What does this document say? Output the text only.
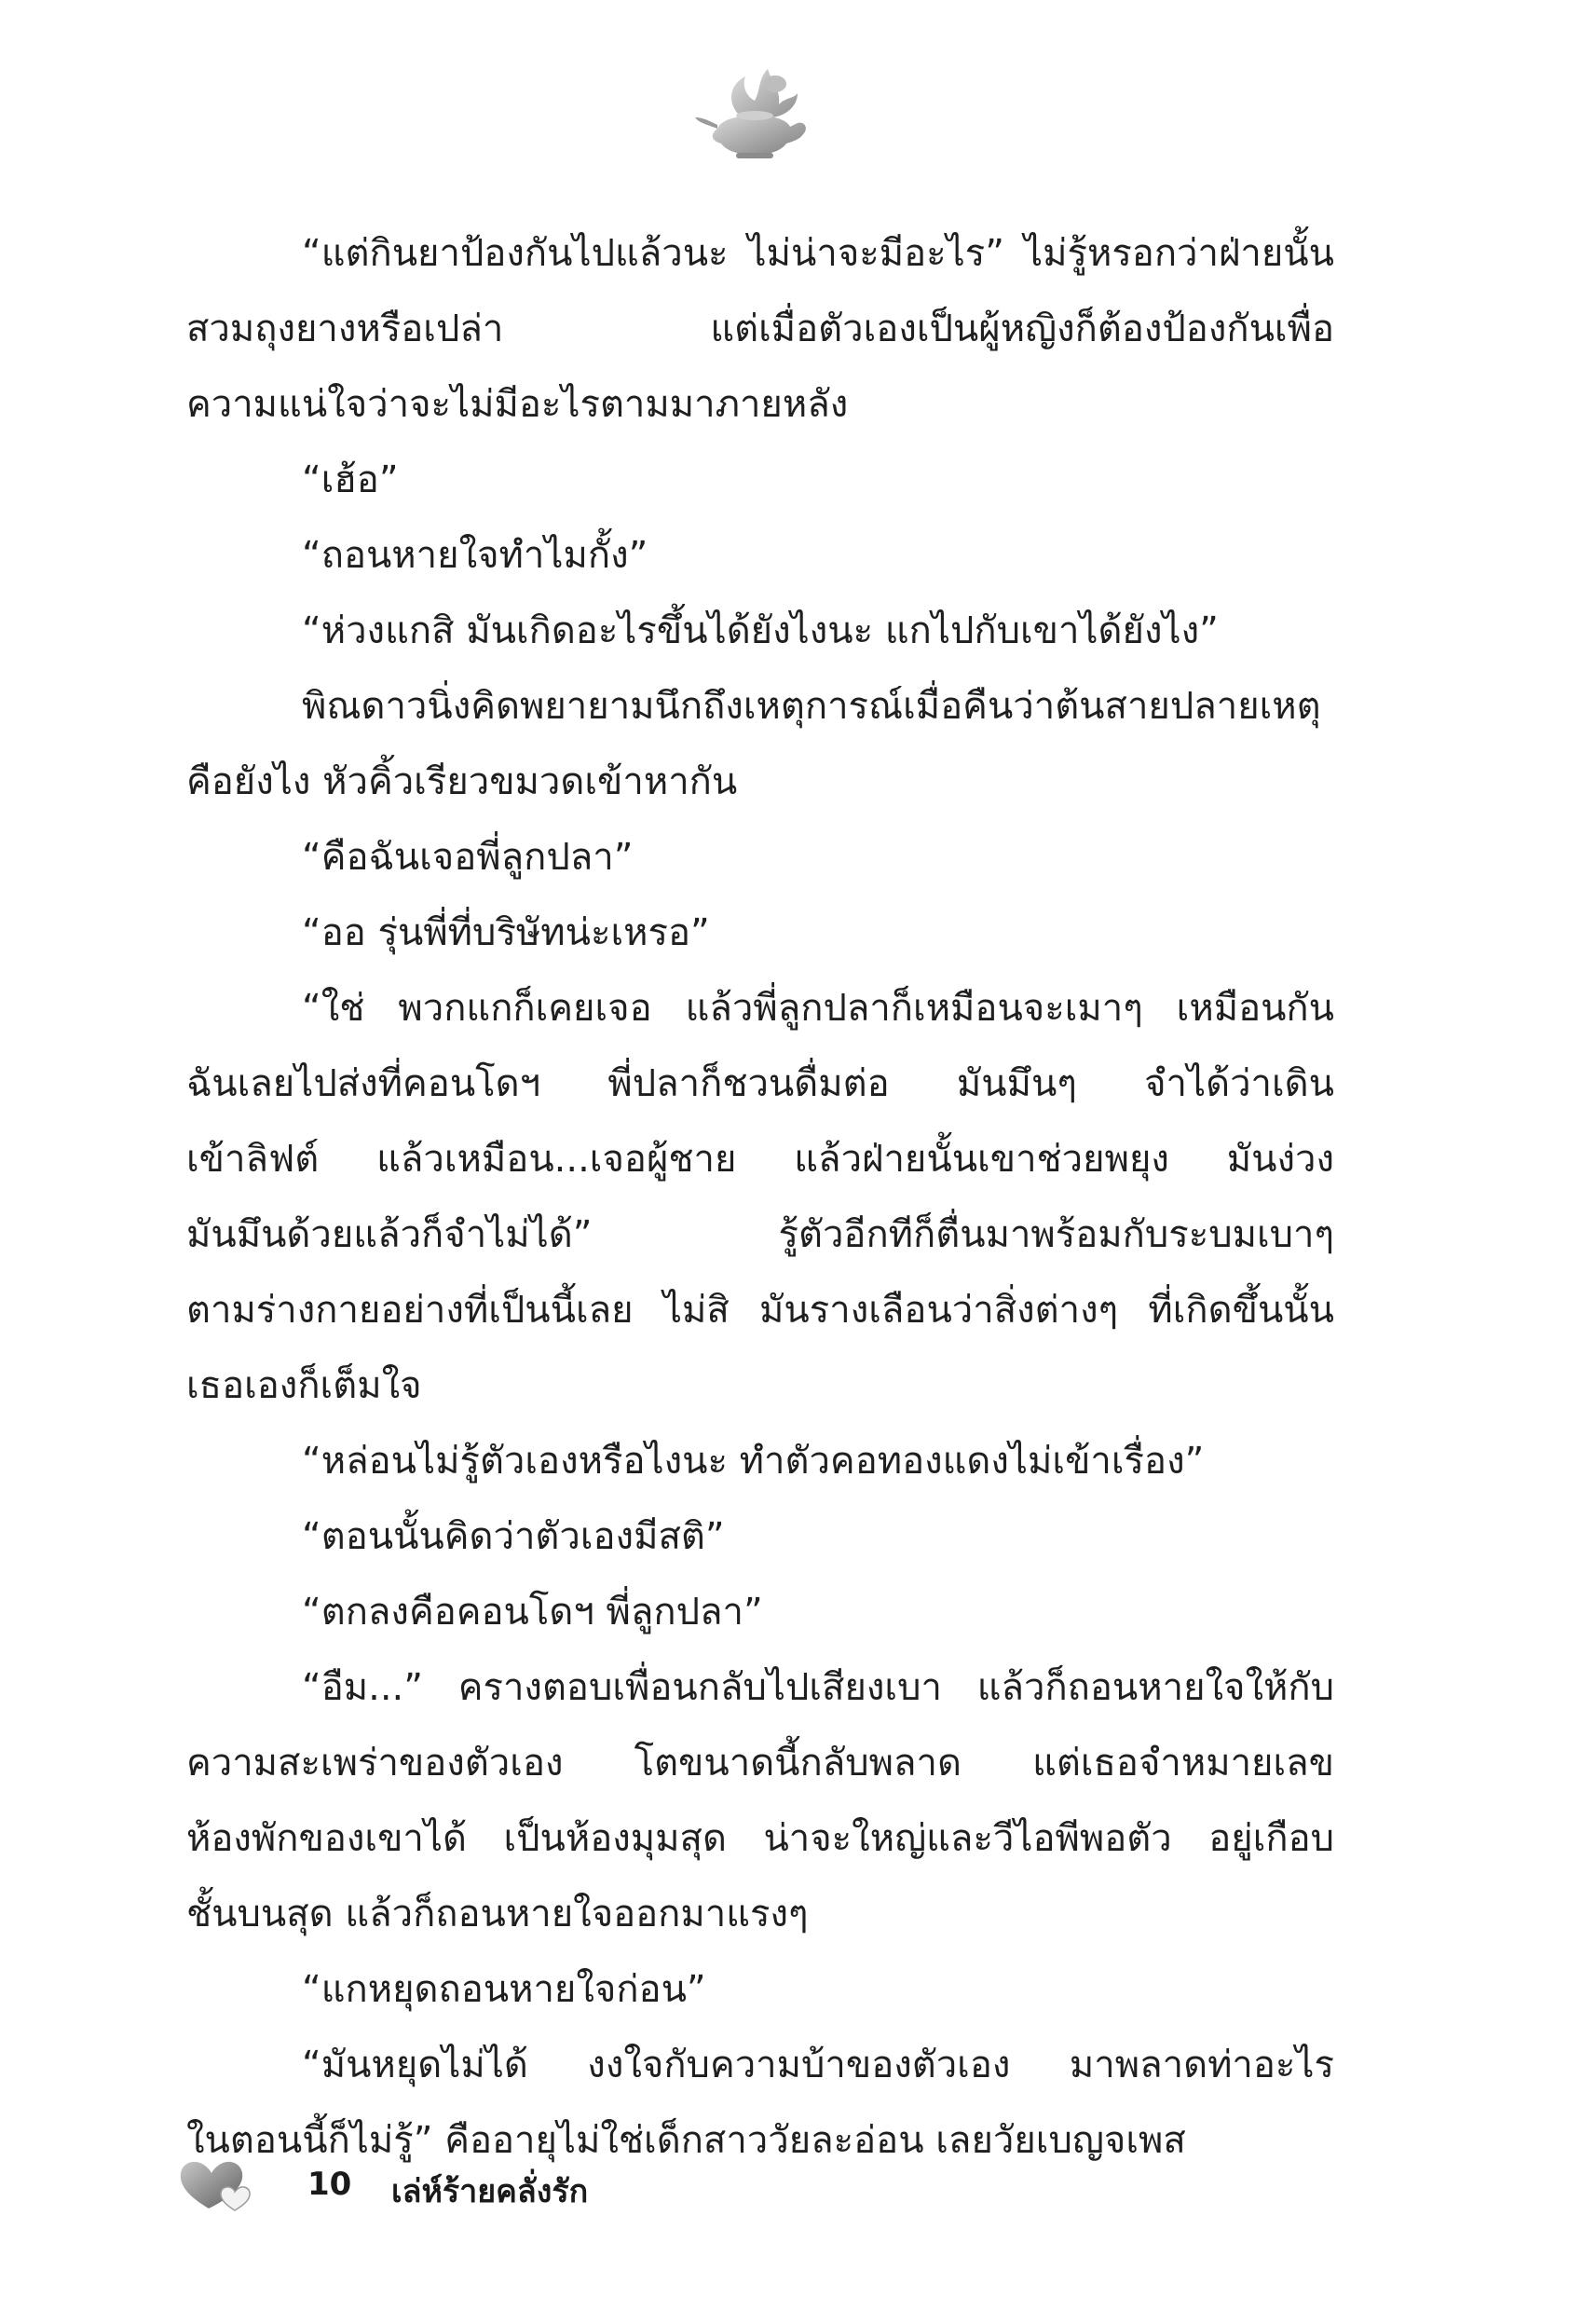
“แต่กินยาป้องกันไปแล้วนะ ไม่น่าจะมีอะไร” ไม่รู้หรอกว่าฝ่ายนั้น

สวมถุงยางหรือเปล่า แต่เมื่อตัวเองเป็นผู้หญิงก็ต้องป้องกันเพื่อ

ความแน่ใจว่าจะไม่มีอะไรตามมาภายหลัง

“เฮ้อ”

“ถอนหายใจทำไมกั้ง”

“ห่วงแกสิ มันเกิดอะไรขึ้นได้ยังไงนะ แกไปกับเขาได้ยังไง”

พิณดาวนิ่งคิดพยายามนึกถึงเหตุการณ์เมื่อคืนว่าต้นสายปลายเหตุ

คือยังไง หัวคิ้วเรียวขมวดเข้าหากัน

“คือฉันเจอพี่ลูกปลา”

“ออ รุ่นพี่ที่บริษัทน่ะเหรอ”

“ใช่ พวกแกก็เคยเจอ แล้วพี่ลูกปลาก็เหมือนจะเมาๆ เหมือนกัน

ฉันเลยไปส่งที่คอนโดฯ พี่ปลาก็ชวนดื่มต่อ มันมึนๆ จำได้ว่าเดิน

เข้าลิฟต์ แล้วเหมือน...เจอผู้ชาย แล้วฝ่ายนั้นเขาช่วยพยุง มันง่วง

มันมึนด้วยแล้วก็จำไม่ได้” รู้ตัวอีกทีก็ตื่นมาพร้อมกับระบมเบาๆ

ตามร่างกายอย่างที่เป็นนี้เลย ไม่สิ มันรางเลือนว่าสิ่งต่างๆ ที่เกิดขึ้นนั้น

เธอเองก็เต็มใจ

“หล่อนไม่รู้ตัวเองหรือไงนะ ทำตัวคอทองแดงไม่เข้าเรื่อง”

“ตอนนั้นคิดว่าตัวเองมีสติ”

“ตกลงคือคอนโดฯ พี่ลูกปลา”

“อืม...” ครางตอบเพื่อนกลับไปเสียงเบา แล้วก็ถอนหายใจให้กับ

ความสะเพร่าของตัวเอง โตขนาดนี้กลับพลาด แต่เธอจำหมายเลข

ห้องพักของเขาได้ เป็นห้องมุมสุด น่าจะใหญ่และวีไอพีพอตัว อยู่เกือบ

ชั้นบนสุด แล้วก็ถอนหายใจออกมาแรงๆ

“แกหยุดถอนหายใจก่อน”

“มันหยุดไม่ได้ งงใจกับความบ้าของตัวเอง มาพลาดท่าอะไร

ในตอนนี้ก็ไม่รู้” คืออายุไม่ใช่เด็กสาววัยละอ่อน เลยวัยเบญจเพส

10 เล่ห์ร้ายคลั่งรัก
